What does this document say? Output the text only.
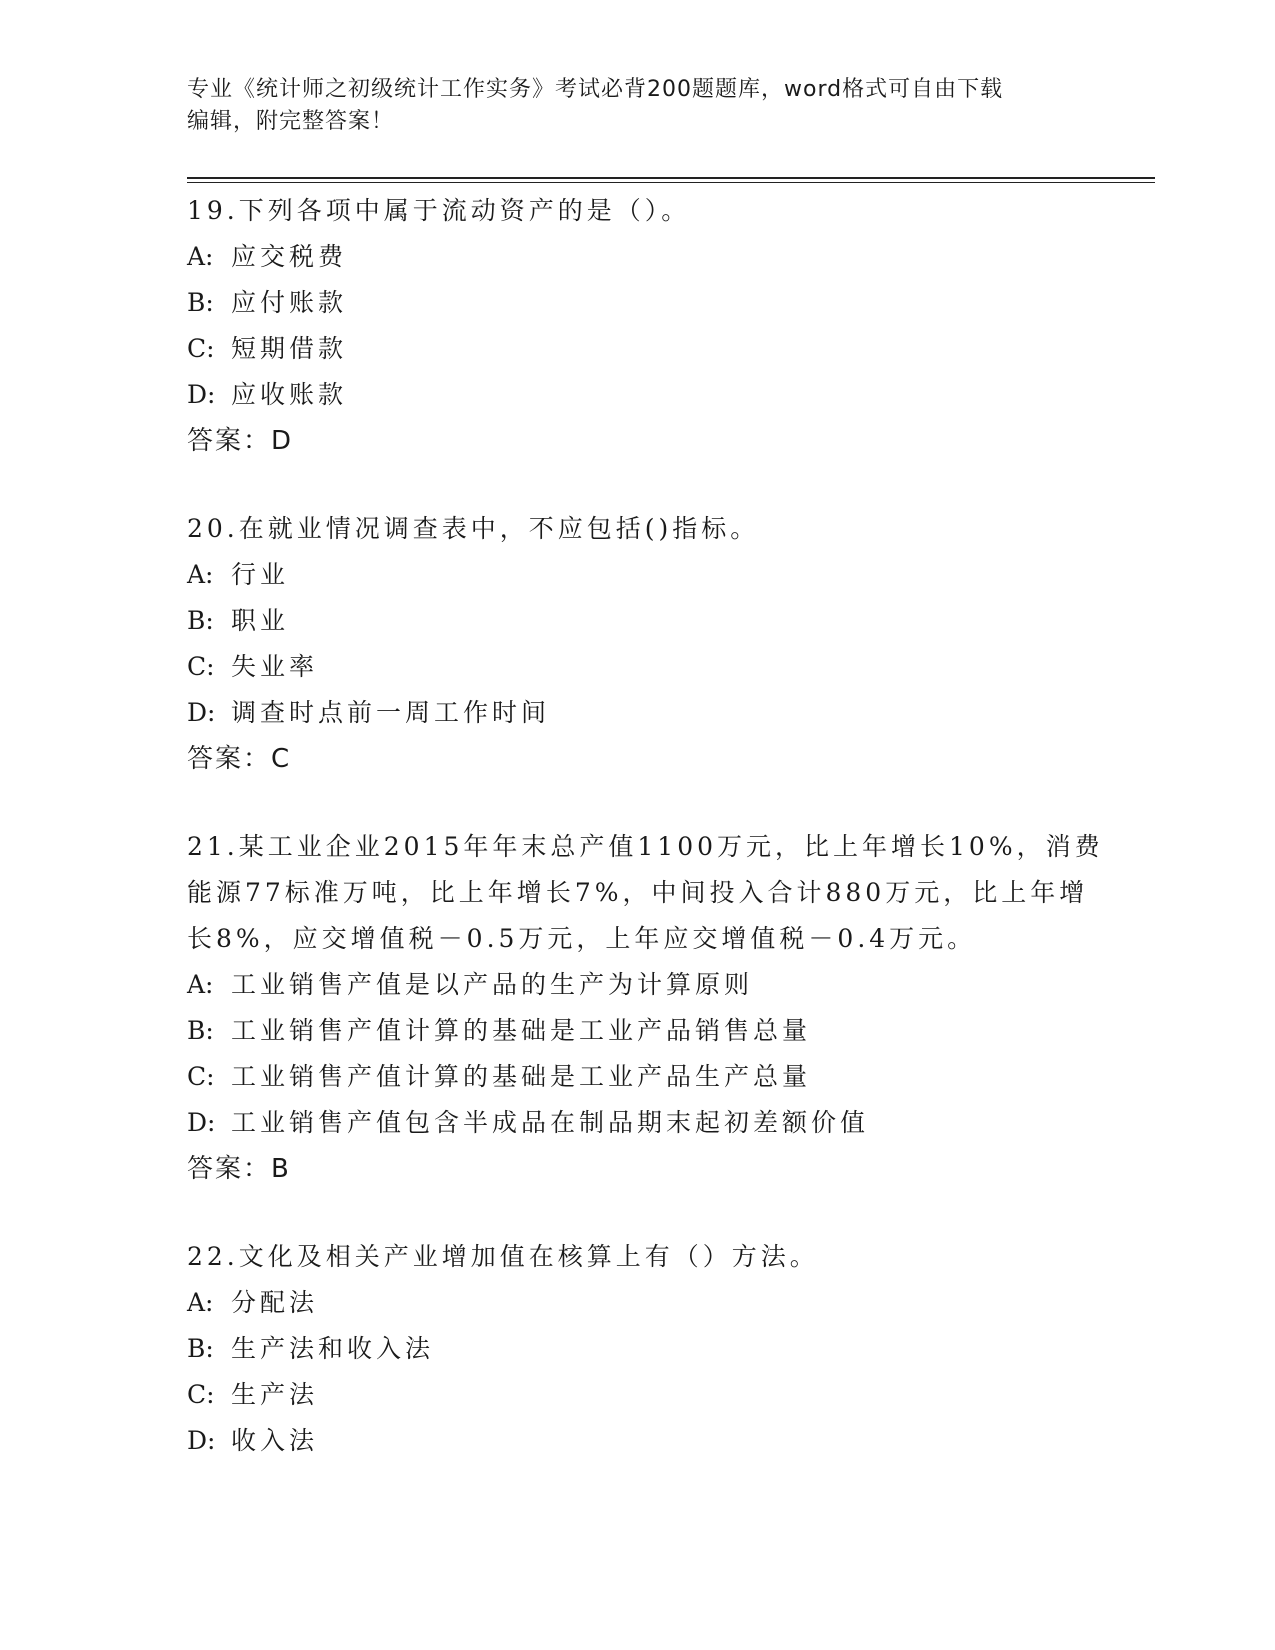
专业《统计师之初级统计工作实务》考试必背200题题库，word格式可自由下载
编辑，附完整答案！
19.下列各项中属于流动资产的是（）。
A: 应交税费
B: 应付账款
C: 短期借款
D: 应收账款
答案：D
20.在就业情况调查表中，不应包括()指标。
A: 行业
B: 职业
C: 失业率
D: 调查时点前一周工作时间
答案：C
21.某工业企业2015年年末总产值1100万元，比上年增长10%，消费
能源77标准万吨，比上年增长7%，中间投入合计880万元，比上年增
长8%，应交增值税－0.5万元，上年应交增值税－0.4万元。
A: 工业销售产值是以产品的生产为计算原则
B: 工业销售产值计算的基础是工业产品销售总量
C: 工业销售产值计算的基础是工业产品生产总量
D: 工业销售产值包含半成品在制品期末起初差额价值
答案：B
22.文化及相关产业增加值在核算上有（）方法。
A: 分配法
B: 生产法和收入法
C: 生产法
D: 收入法
